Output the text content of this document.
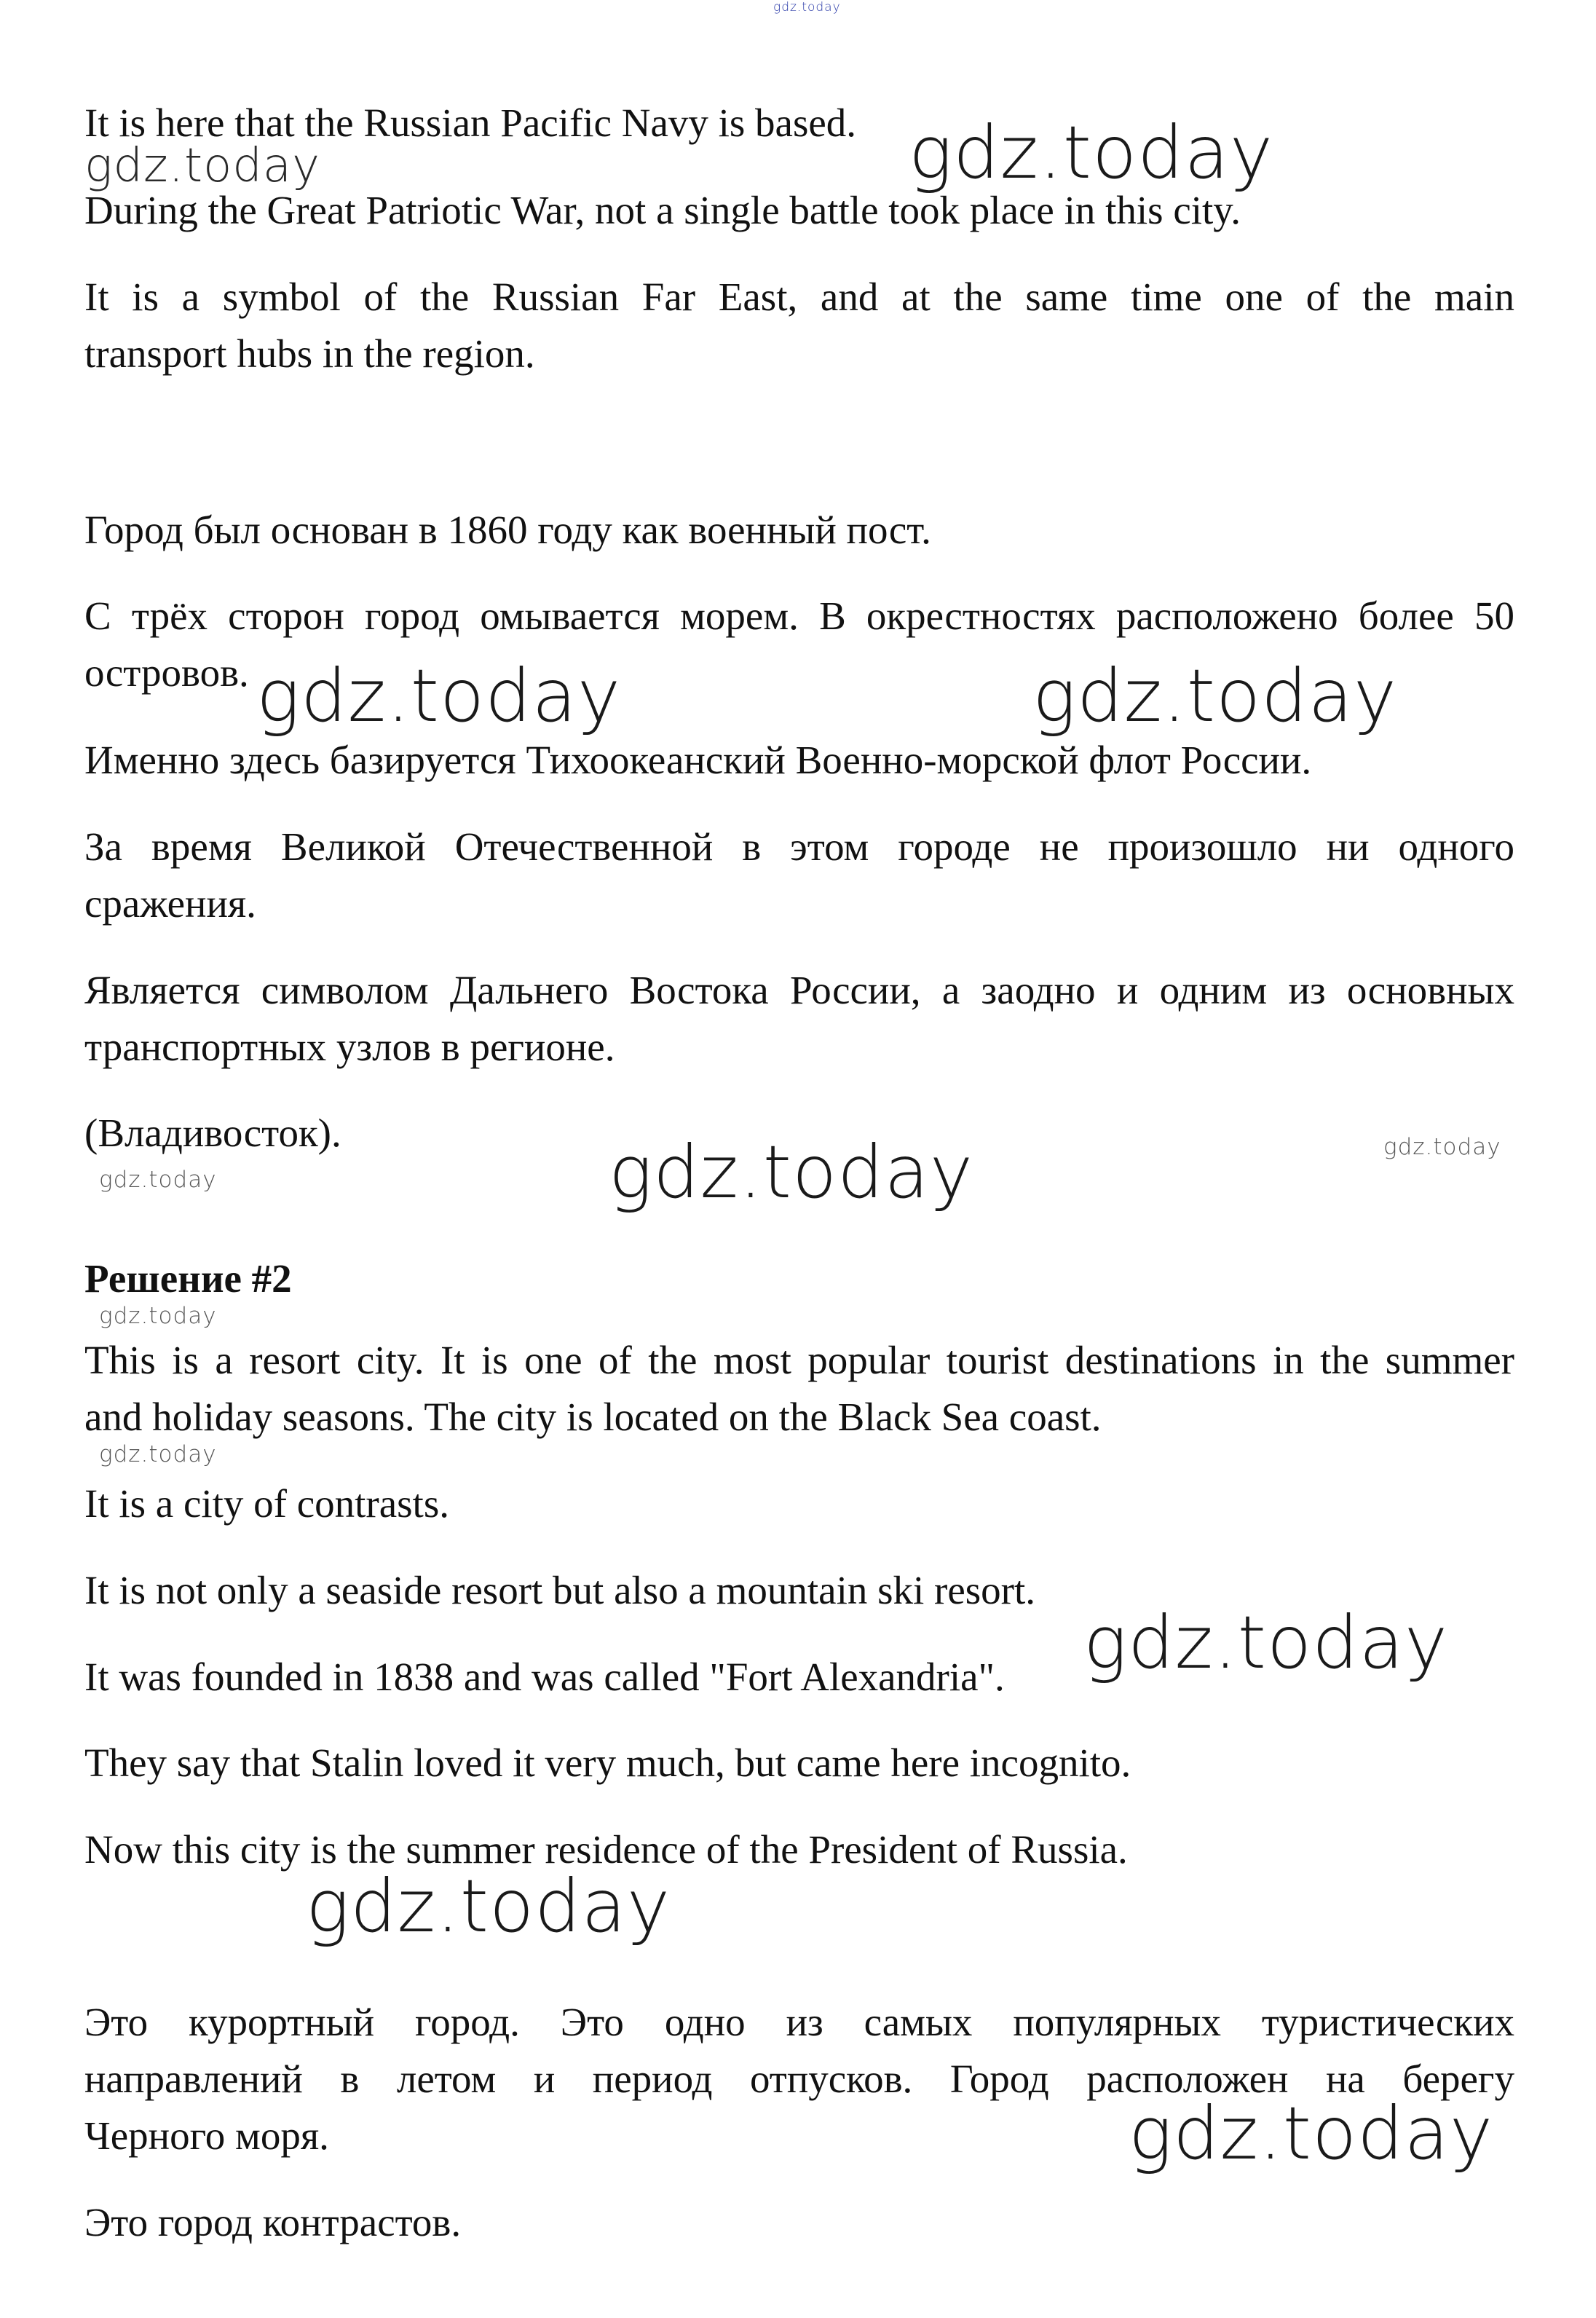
gdz.today

It is here that the Russian Pacific Navy is based.

gdz.today	gdz.today

During the Great Patriotic War, not a single battle took place in this city.

It is a symbol of the Russian Far East, and at the same time one of the main

transport hubs in the region.

Город был основан в 1860 году как военный пост.

С трёх сторон город омывается морем. В окрестностях расположено более 50

островов. gdz.today	gdz.today

Именно здесь базируется Тихоокеанский Военно-морской флот России.

За время Великой Отечественной в этом городе не произошло ни одного

сражения.

Является символом Дальнего Востока России, а заодно и одним из основных

транспортных узлов в регионе.

(Владивосток).

gdz.today	gdz.today	gdz.today

Решение #2

gdz.today

This is a resort city. It is one of the most popular tourist destinations in the summer

and holiday seasons. The city is located on the Black Sea coast.

gdz.today

It is a city of contrasts.

It is not only a seaside resort but also a mountain ski resort.

It was founded in 1838 and was called "Fort Alexandria".	gdz.today

They say that Stalin loved it very much, but came here incognito.

Now this city is the summer residence of the President of Russia.

gdz.today

Это курортный город. Это одно из самых популярных туристических

направлений в летом и период отпусков. Город расположен на берегу

Черного моря.	gdz.today

Это город контрастов.
